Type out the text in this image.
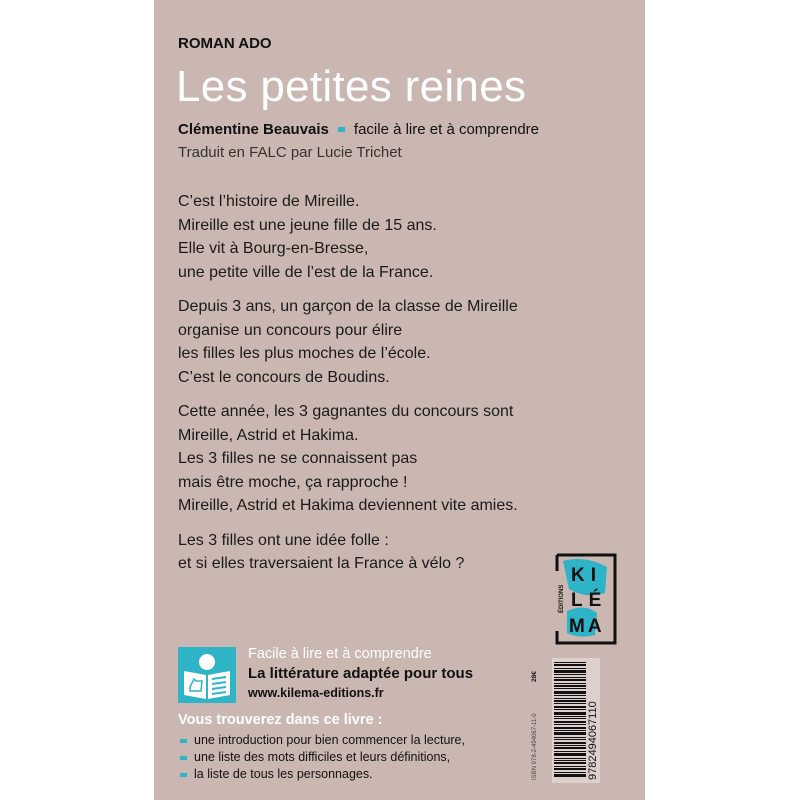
ROMAN ADO
Les petites reines
Clémentine Beauvais facile à lire et à comprendre
Traduit en FALC par Lucie Trichet

C’est l’histoire de Mireille.
Mireille est une jeune fille de 15 ans.
Elle vit à Bourg-en-Bresse,
une petite ville de l’est de la France.

Depuis 3 ans, un garçon de la classe de Mireille
organise un concours pour élire
les filles les plus moches de l’école.
C’est le concours de Boudins.

Cette année, les 3 gagnantes du concours sont
Mireille, Astrid et Hakima.
Les 3 filles ne se connaissent pas
mais être moche, ça rapproche !
Mireille, Astrid et Hakima deviennent vite amies.

Les 3 filles ont une idée folle :
et si elles traversaient la France à vélo ?

ÉDITIONS
KI
LÉ
MA
Facile à lire et à comprendre
La littérature adaptée pour tous
www.kilema-editions.fr
Vous trouverez dans ce livre :
une introduction pour bien commencer la lecture,
une liste des mots difficiles et leurs définitions,
la liste de tous les personnages.	ISBN 978-2-494067-11-0
28€
9782494067110
